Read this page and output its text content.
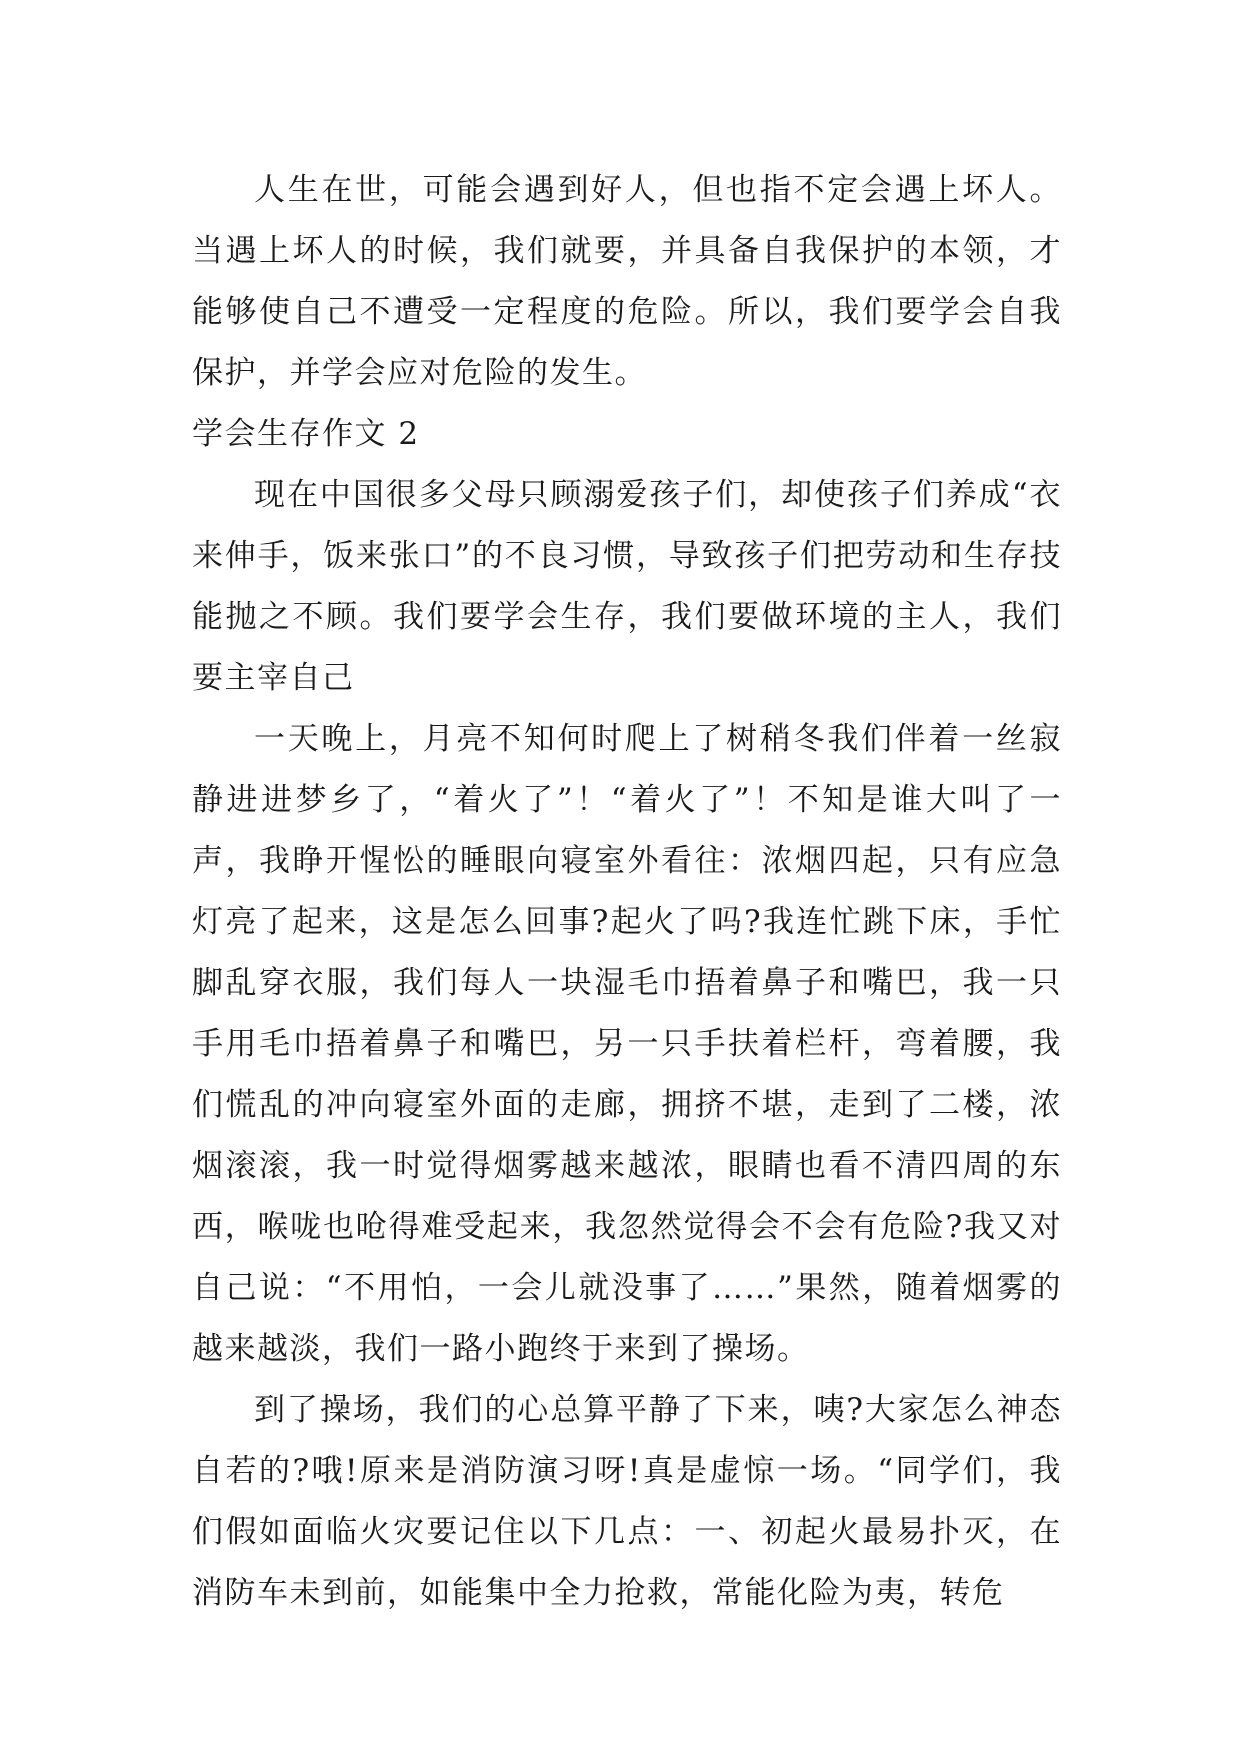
人生在世，可能会遇到好人，但也指不定会遇上坏人。当遇上坏人的时候，我们就要，并具备自我保护的本领，才能够使自己不遭受一定程度的危险。所以，我们要学会自我保护，并学会应对危险的发生。

学会生存作文 2

现在中国很多父母只顾溺爱孩子们，却使孩子们养成“衣来伸手，饭来张口”的不良习惯，导致孩子们把劳动和生存技能抛之不顾。我们要学会生存，我们要做环境的主人，我们要主宰自己

一天晚上，月亮不知何时爬上了树稍冬我们伴着一丝寂静进进梦乡了，“着火了”！“着火了”！不知是谁大叫了一声，我睁开惺忪的睡眼向寝室外看往：浓烟四起，只有应急灯亮了起来，这是怎么回事?起火了吗?我连忙跳下床，手忙脚乱穿衣服，我们每人一块湿毛巾捂着鼻子和嘴巴，我一只手用毛巾捂着鼻子和嘴巴，另一只手扶着栏杆，弯着腰，我们慌乱的冲向寝室外面的走廊，拥挤不堪，走到了二楼，浓烟滚滚，我一时觉得烟雾越来越浓，眼睛也看不清四周的东西，喉咙也呛得难受起来，我忽然觉得会不会有危险?我又对自己说：“不用怕，一会儿就没事了……”果然，随着烟雾的越来越淡，我们一路小跑终于来到了操场。

到了操场，我们的心总算平静了下来，咦?大家怎么神态自若的?哦!原来是消防演习呀!真是虚惊一场。“同学们，我们假如面临火灾要记住以下几点：一、初起火最易扑灭，在消防车未到前，如能集中全力抢救，常能化险为夷，转危
